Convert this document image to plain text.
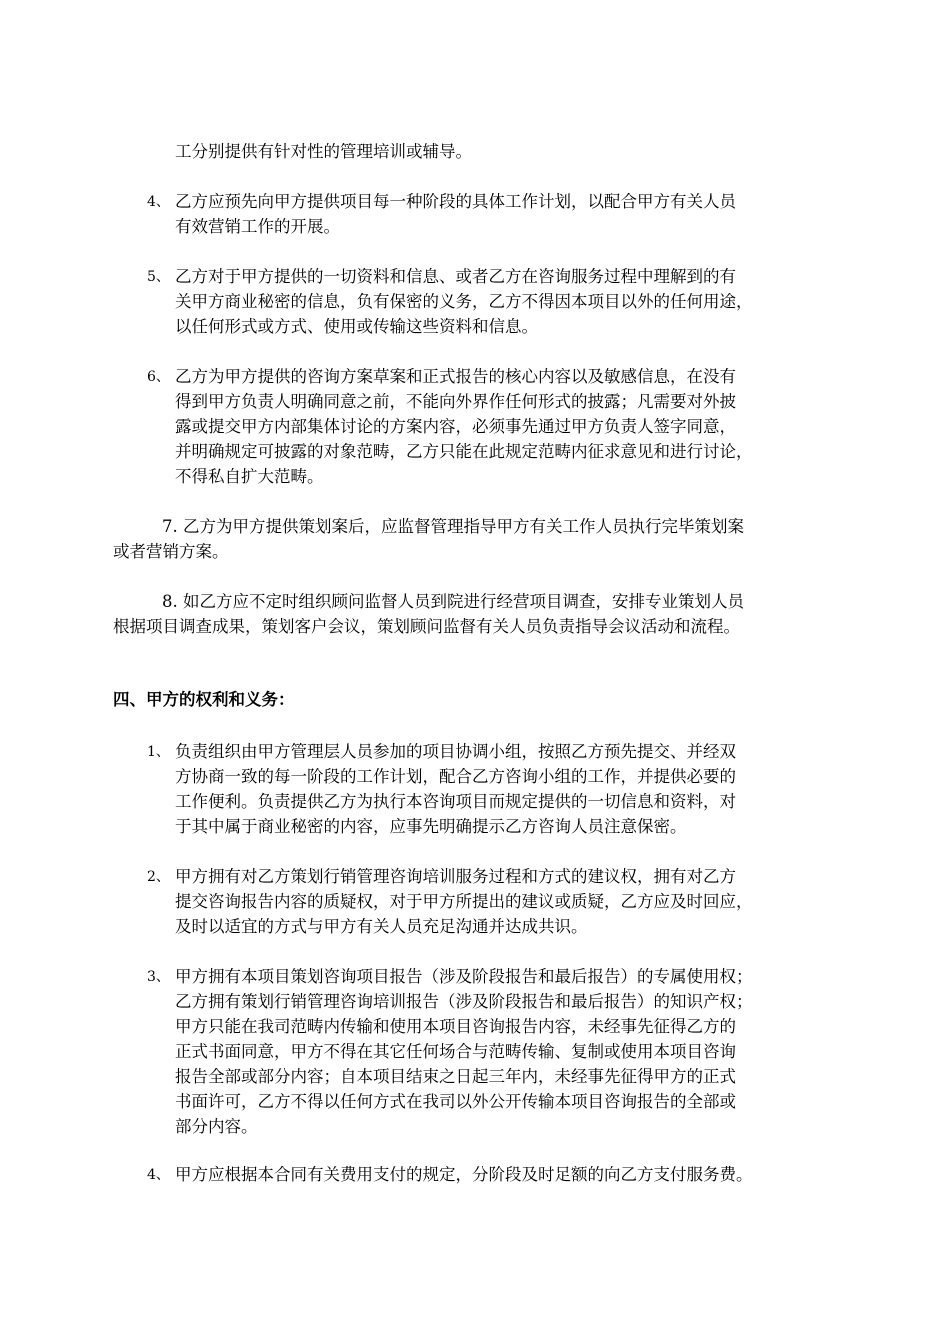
工分别提供有针对性的管理培训或辅导。
4、 乙方应预先向甲方提供项目每一种阶段的具体工作计划，以配合甲方有关人员
有效营销工作的开展。
5、 乙方对于甲方提供的一切资料和信息、或者乙方在咨询服务过程中理解到的有
关甲方商业秘密的信息，负有保密的义务，乙方不得因本项目以外的任何用途，
以任何形式或方式、使用或传输这些资料和信息。
6、 乙方为甲方提供的咨询方案草案和正式报告的核心内容以及敏感信息，在没有
得到甲方负责人明确同意之前，不能向外界作任何形式的披露；凡需要对外披
露或提交甲方内部集体讨论的方案内容，必须事先通过甲方负责人签字同意，
并明确规定可披露的对象范畴，乙方只能在此规定范畴内征求意见和进行讨论，
不得私自扩大范畴。
7. 乙方为甲方提供策划案后，应监督管理指导甲方有关工作人员执行完毕策划案
或者营销方案。
8. 如乙方应不定时组织顾问监督人员到院进行经营项目调查，安排专业策划人员
根据项目调查成果，策划客户会议，策划顾问监督有关人员负责指导会议活动和流程。
四、甲方的权利和义务：
1、 负责组织由甲方管理层人员参加的项目协调小组，按照乙方预先提交、并经双
方协商一致的每一阶段的工作计划，配合乙方咨询小组的工作，并提供必要的
工作便利。负责提供乙方为执行本咨询项目而规定提供的一切信息和资料，对
于其中属于商业秘密的内容，应事先明确提示乙方咨询人员注意保密。
2、 甲方拥有对乙方策划行销管理咨询培训服务过程和方式的建议权，拥有对乙方
提交咨询报告内容的质疑权，对于甲方所提出的建议或质疑，乙方应及时回应，
及时以适宜的方式与甲方有关人员充足沟通并达成共识。
3、 甲方拥有本项目策划咨询项目报告（涉及阶段报告和最后报告）的专属使用权；
乙方拥有策划行销管理咨询培训报告（涉及阶段报告和最后报告）的知识产权；
甲方只能在我司范畴内传输和使用本项目咨询报告内容，未经事先征得乙方的
正式书面同意，甲方不得在其它任何场合与范畴传输、复制或使用本项目咨询
报告全部或部分内容；自本项目结束之日起三年内，未经事先征得甲方的正式
书面许可，乙方不得以任何方式在我司以外公开传输本项目咨询报告的全部或
部分内容。
4、 甲方应根据本合同有关费用支付的规定，分阶段及时足额的向乙方支付服务费。
